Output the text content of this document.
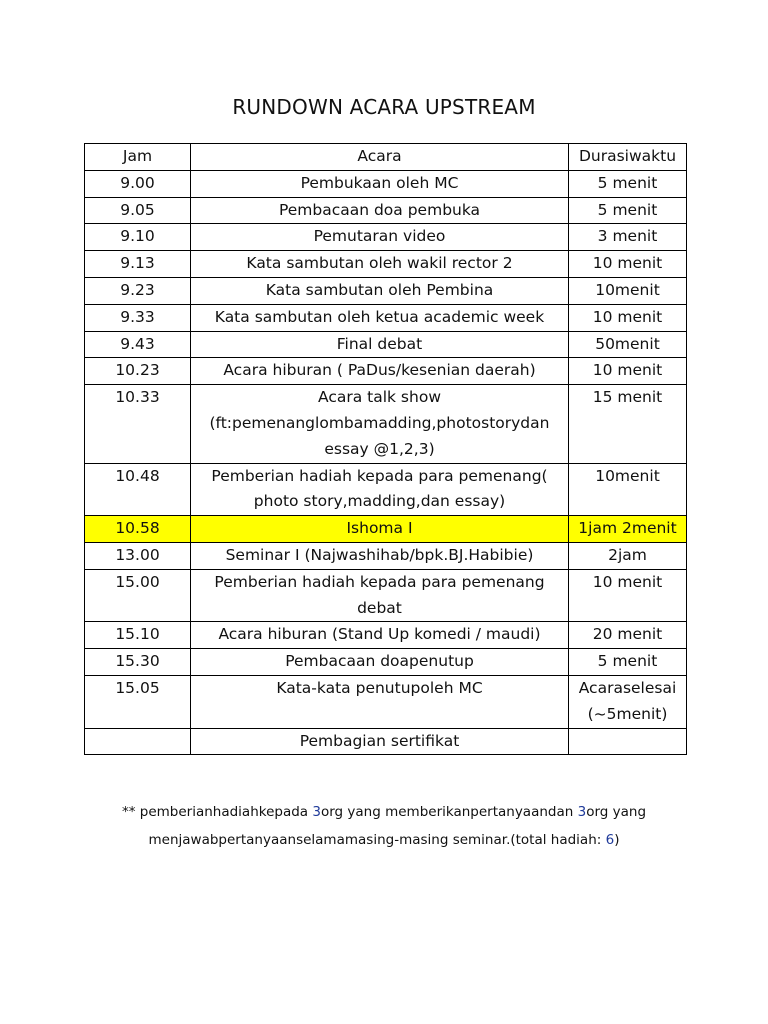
RUNDOWN ACARA UPSTREAM
Jam	Acara	Durasiwaktu
9.00	Pembukaan oleh MC	5 menit
9.05	Pembacaan doa pembuka	5 menit
9.10	Pemutaran video	3 menit
9.13	Kata sambutan oleh wakil rector 2	10 menit
9.23	Kata sambutan oleh Pembina	10menit
9.33	Kata sambutan oleh ketua academic week	10 menit
9.43	Final debat	50menit
10.23	Acara hiburan ( PaDus/kesenian daerah)	10 menit
10.33	Acara talk show (ft:pemenanglombamadding,photostorydan essay @1,2,3)	15 menit
10.48	Pemberian hadiah kepada para pemenang( photo story,madding,dan essay)	10menit
10.58	Ishoma I	1jam 2menit
13.00	Seminar I (Najwashihab/bpk.BJ.Habibie)	2jam
15.00	Pemberian hadiah kepada para pemenang debat	10 menit
15.10	Acara hiburan (Stand Up komedi / maudi)	20 menit
15.30	Pembacaan doapenutup	5 menit
15.05	Kata-kata penutupoleh MC	Acaraselesai (~5menit)
	Pembagian sertifikat	
** pemberianhadiahkepada 3org yang memberikanpertanyaandan 3org yang
menjawabpertanyaanselamamasing-masing seminar.(total hadiah: 6)
